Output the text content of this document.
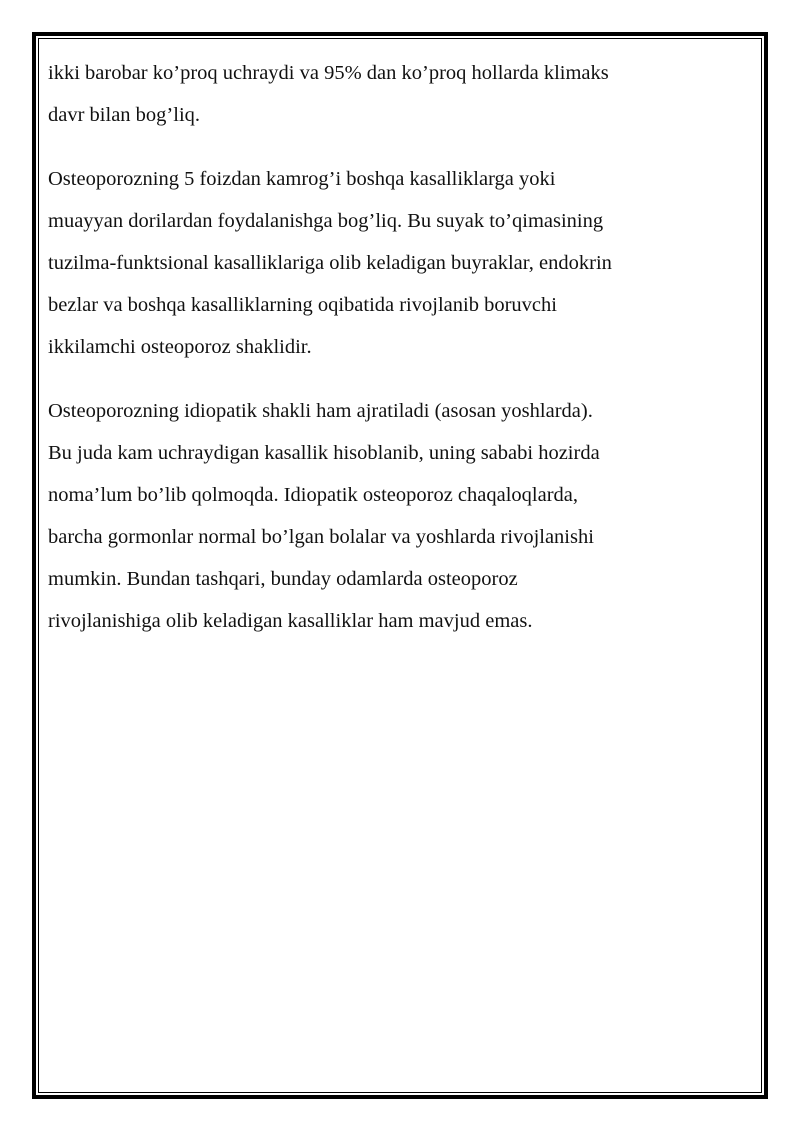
ikki barobar ko’proq uchraydi va 95% dan ko’proq hollarda klimaks
davr bilan bog’liq.

Osteoporozning 5 foizdan kamrog’i boshqa kasalliklarga yoki
muayyan dorilardan foydalanishga bog’liq. Bu suyak to’qimasining
tuzilma-funktsional kasalliklariga olib keladigan buyraklar, endokrin
bezlar va boshqa kasalliklarning oqibatida rivojlanib boruvchi
ikkilamchi osteoporoz shaklidir.

Osteoporozning idiopatik shakli ham ajratiladi (asosan yoshlarda).
Bu juda kam uchraydigan kasallik hisoblanib, uning sababi hozirda
noma’lum bo’lib qolmoqda. Idiopatik osteoporoz chaqaloqlarda,
barcha gormonlar normal bo’lgan bolalar va yoshlarda rivojlanishi
mumkin. Bundan tashqari, bunday odamlarda osteoporoz
rivojlanishiga olib keladigan kasalliklar ham mavjud emas.
